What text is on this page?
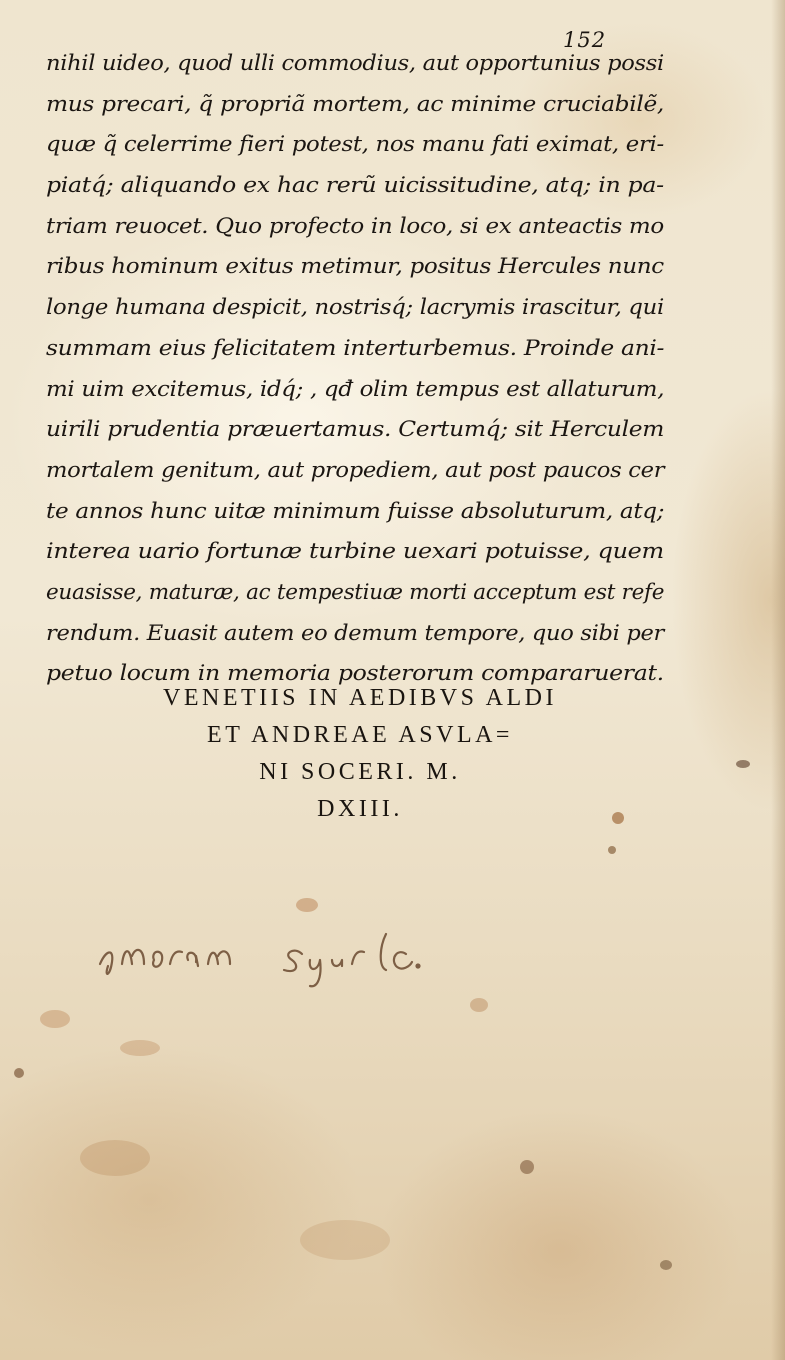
152
nihil uideo, quod ulli commodius, aut opportunius possi
mus precari, q̃ propriã mortem, ac minime cruciabilẽ,
quæ q̃ celerrime fieri potest, nos manu fati eximat, eri-
piatq́; aliquando ex hac rerũ uicissitudine, atq; in pa-
triam reuocet. Quo profecto in loco, si ex anteactis mo
ribus hominum exitus metimur, positus Hercules nunc
longe humana despicit, nostrisq́; lacrymis irascitur, qui
summam eius felicitatem interturbemus. Proinde ani-
mi uim excitemus, idq́; , qđ olim tempus est allaturum,
uirili prudentia præuertamus. Certumq́; sit Herculem
mortalem genitum, aut propediem, aut post paucos cer
te annos hunc uitæ minimum fuisse absoluturum, atq;
interea uario fortunæ turbine uexari potuisse, quem
euasisse, maturæ, ac tempestiuæ morti acceptum est refe
rendum. Euasit autem eo demum tempore, quo sibi per
petuo locum in memoria posterorum compararuerat.
VENETIIS IN AEDIBVS ALDI
ET ANDREAE ASVLA=
NI SOCERI. M.
DXIII.
